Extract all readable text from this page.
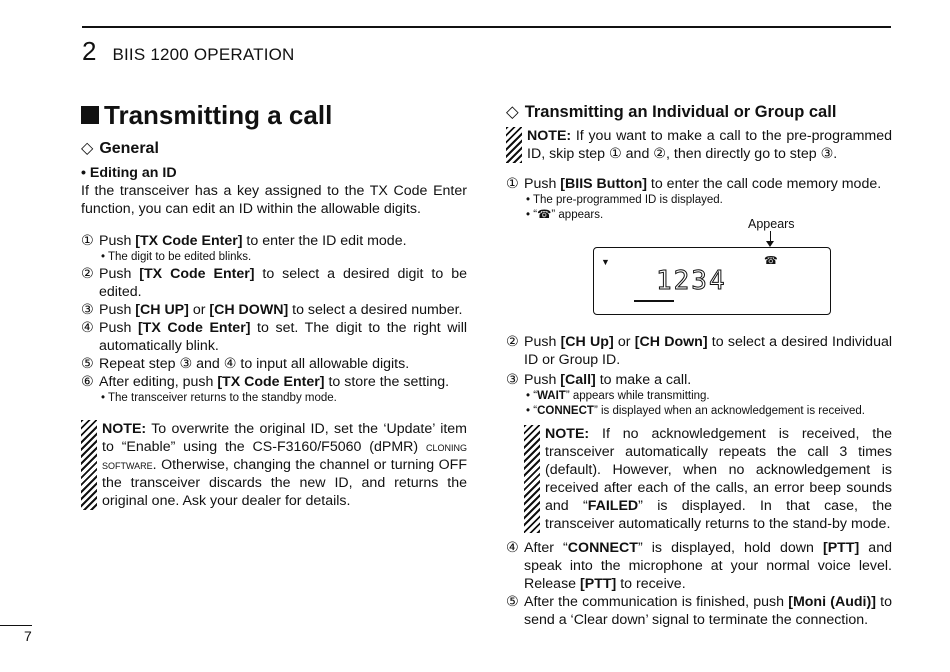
2 BIIS 1200 OPERATION
Transmitting a call
◇ General
• Editing an ID

If the transceiver has a key assigned to the TX Code Enter function, you can edit an ID within the allowable digits.

① Push [TX Code Enter] to enter the ID edit mode.
• The digit to be edited blinks.
② Push [TX Code Enter] to select a desired digit to be edited.
③ Push [CH UP] or [CH DOWN] to select a desired number.
④ Push [TX Code Enter] to set. The digit to the right will automatically blink.
⑤ Repeat step ③ and ④ to input all allowable digits.
⑥ After editing, push [TX Code Enter] to store the setting.
• The transceiver returns to the standby mode.
NOTE: To overwrite the original ID, set the ‘Update’ item to “Enable” using the CS-F3160/F5060 (dPMR) cloning software. Otherwise, changing the channel or turning OFF the transceiver discards the new ID, and returns the original one. Ask your dealer for details.
◇ Transmitting an Individual or Group call
NOTE: If you want to make a call to the pre-programmed ID, skip step ① and ②, then directly go to step ③.
① Push [BIIS Button] to enter the call code memory mode.
• The pre-programmed ID is displayed.
• “☎” appears.
Appears
▼	☎
1234
② Push [CH Up] or [CH Down] to select a desired Individual ID or Group ID.
③ Push [Call] to make a call.
• “WAIT” appears while transmitting.
• “CONNECT” is displayed when an acknowledgement is received.
NOTE: If no acknowledgement is received, the transceiver automatically repeats the call 3 times (default). However, when no acknowledgement is received after each of the calls, an error beep sounds and “FAILED” is displayed. In that case, the transceiver automatically returns to the stand-by mode.
④ After “CONNECT” is displayed, hold down [PTT] and speak into the microphone at your normal voice level. Release [PTT] to receive.
⑤ After the communication is finished, push [Moni (Audi)] to send a ‘Clear down’ signal to terminate the connection.
7
